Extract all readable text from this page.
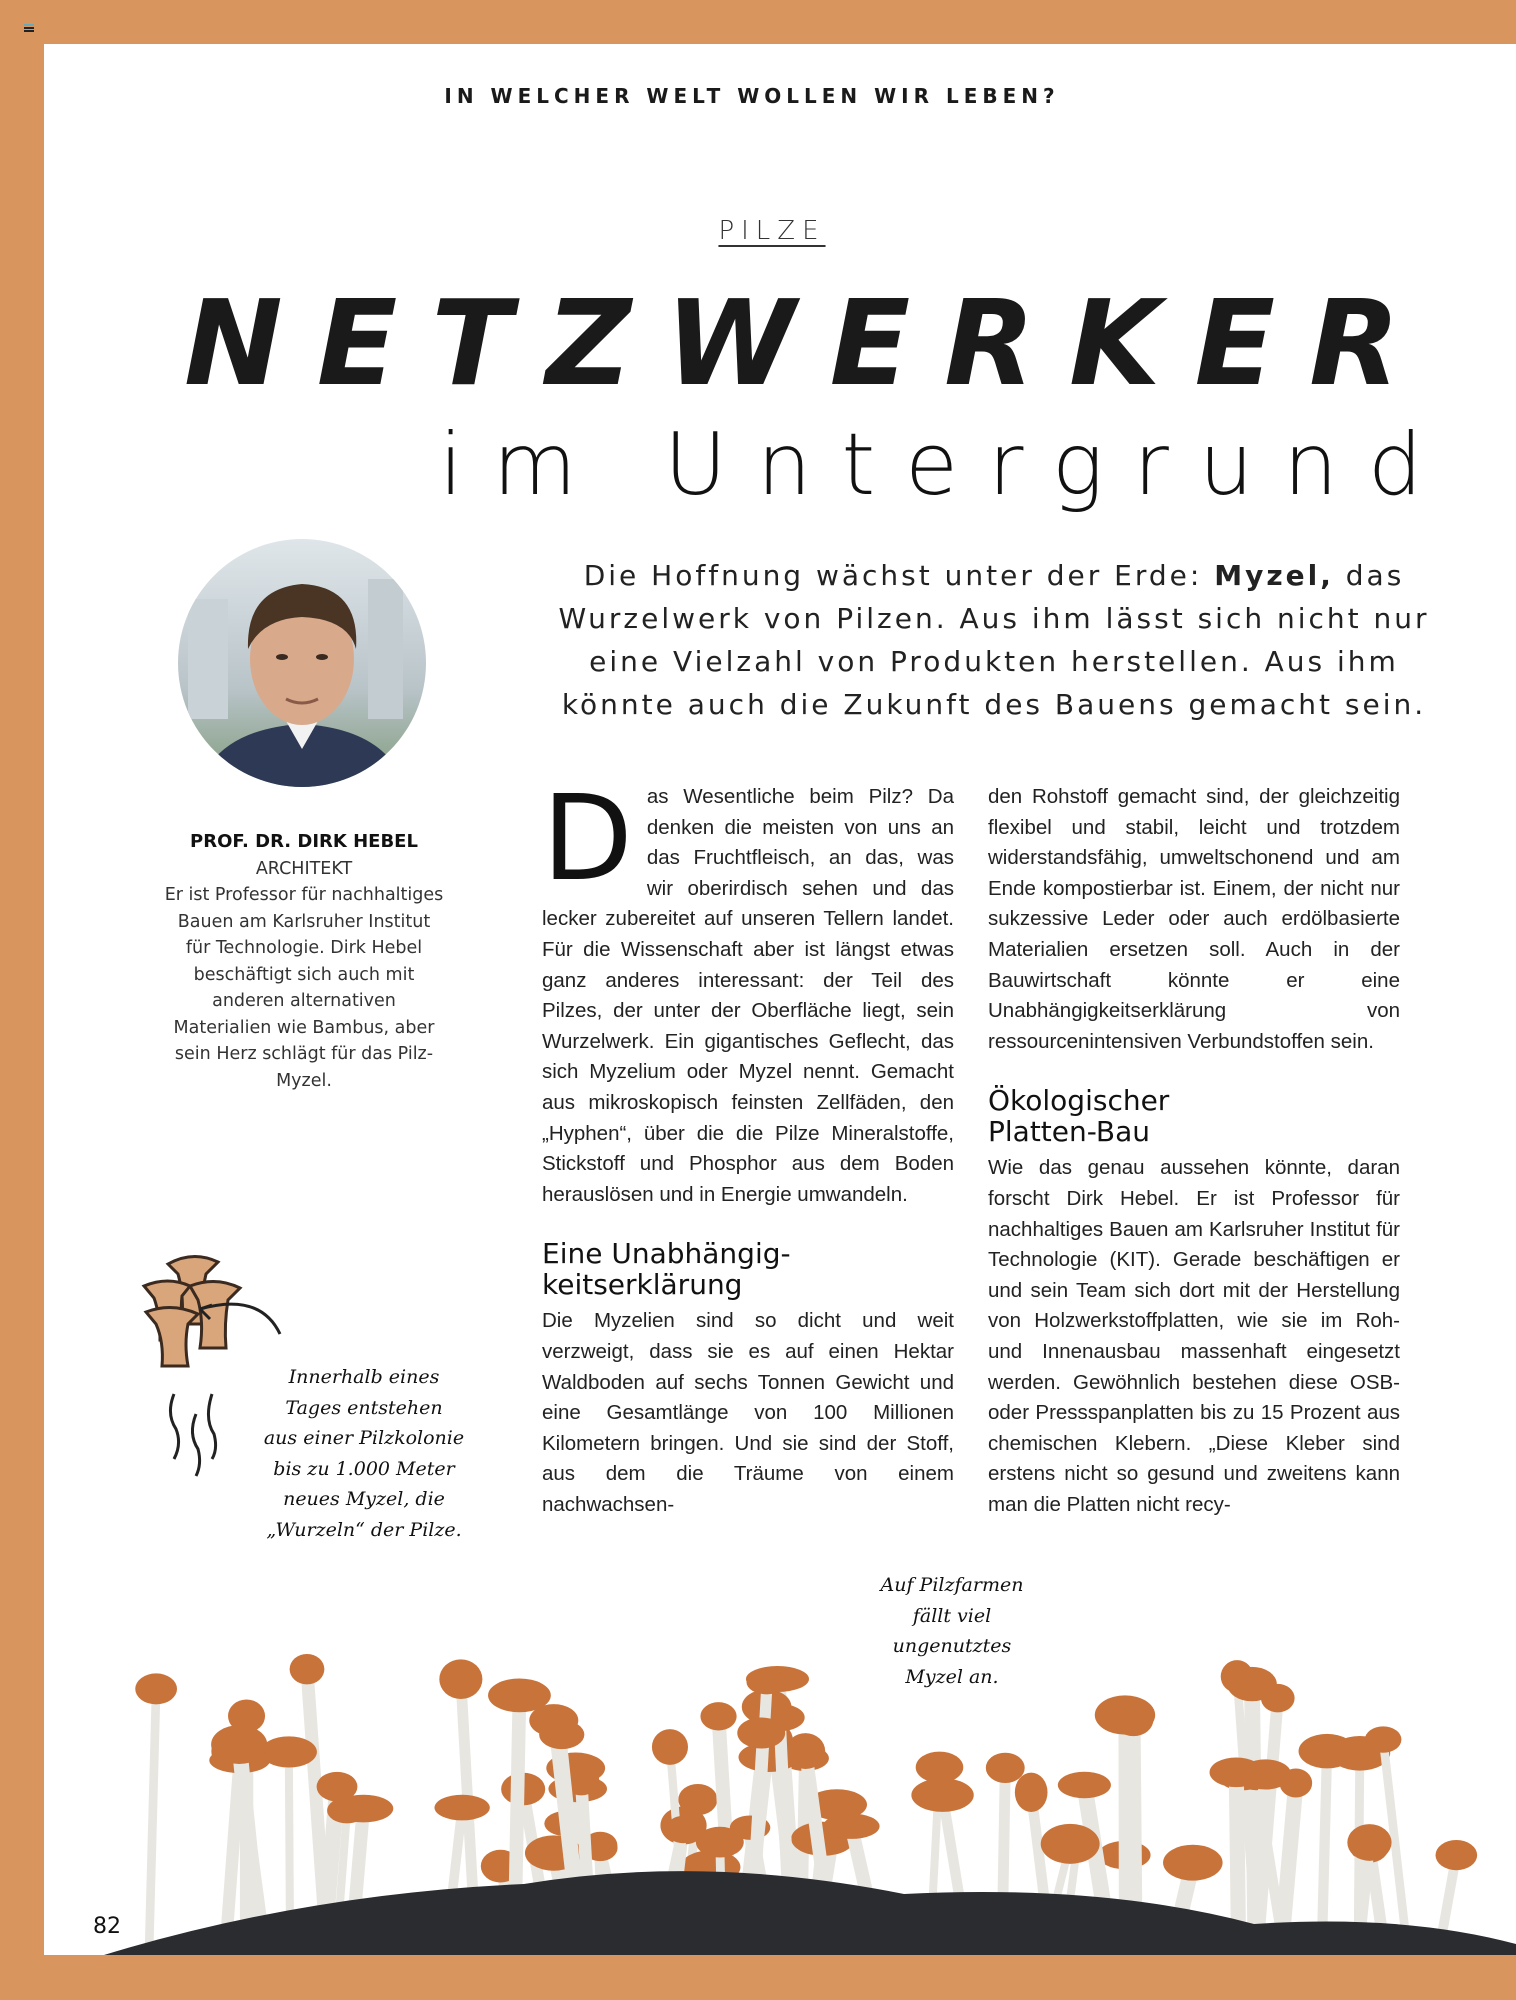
IN WELCHER WELT WOLLEN WIR LEBEN?
PILZE
NETZWERKER
im Untergrund
Die Hoffnung wächst unter der Erde: Myzel, das Wurzelwerk von Pilzen. Aus ihm lässt sich nicht nur eine Vielzahl von Produkten herstellen. Aus ihm könnte auch die Zukunft des Bauens gemacht sein.
PROF. DR. DIRK HEBEL
ARCHITEKT
Er ist Professor für nachhaltiges Bauen am Karlsruher Institut für Technologie. Dirk Hebel beschäftigt sich auch mit anderen alternativen Materialien wie Bambus, aber sein Herz schlägt für das Pilz-Myzel.
Innerhalb eines
Tages entstehen
aus einer Pilzkolonie
bis zu 1.000 Meter
neues Myzel, die
„Wurzeln“ der Pilze.
D as Wesentliche beim Pilz? Da denken die meisten von uns an das Fruchtfleisch, an das, was wir oberirdisch sehen und das lecker zubereitet auf unseren Tellern landet. Für die Wissenschaft aber ist längst etwas ganz anderes interessant: der Teil des Pilzes, der unter der Oberfläche liegt, sein Wurzelwerk. Ein gigantisches Geflecht, das sich Myzelium oder Myzel nennt. Gemacht aus mikroskopisch feinsten Zellfäden, den „Hyphen“, über die die Pilze Mineralstoffe, Stickstoff und Phosphor aus dem Boden herauslösen und in Energie umwandeln.

Eine Unabhängigkeitserklärung

Die Myzelien sind so dicht und weit verzweigt, dass sie es auf einen Hektar Waldboden auf sechs Tonnen Gewicht und eine Gesamtlänge von 100 Millionen Kilometern bringen. Und sie sind der Stoff, aus dem die Träume von einem nachwachsen-

den Rohstoff gemacht sind, der gleichzeitig flexibel und stabil, leicht und trotzdem widerstandsfähig, umweltschonend und am Ende kompostierbar ist. Einem, der nicht nur sukzessive Leder oder auch erdölbasierte Materialien ersetzen soll. Auch in der Bauwirtschaft könnte er eine Unabhängigkeitserklärung von ressourcenintensiven Verbundstoffen sein.

Ökologischer Platten-Bau

Wie das genau aussehen könnte, daran forscht Dirk Hebel. Er ist Professor für nachhaltiges Bauen am Karlsruher Institut für Technologie (KIT). Gerade beschäftigen er und sein Team sich dort mit der Herstellung von Holzwerkstoffplatten, wie sie im Roh- und Innenausbau massenhaft eingesetzt werden. Gewöhnlich bestehen diese OSB- oder Pressspanplatten bis zu 15 Prozent aus chemischen Klebern. „Diese Kleber sind erstens nicht so gesund und zweitens kann man die Platten nicht recy-

Auf Pilzfarmen
fällt viel
ungenutztes
Myzel an.
82
